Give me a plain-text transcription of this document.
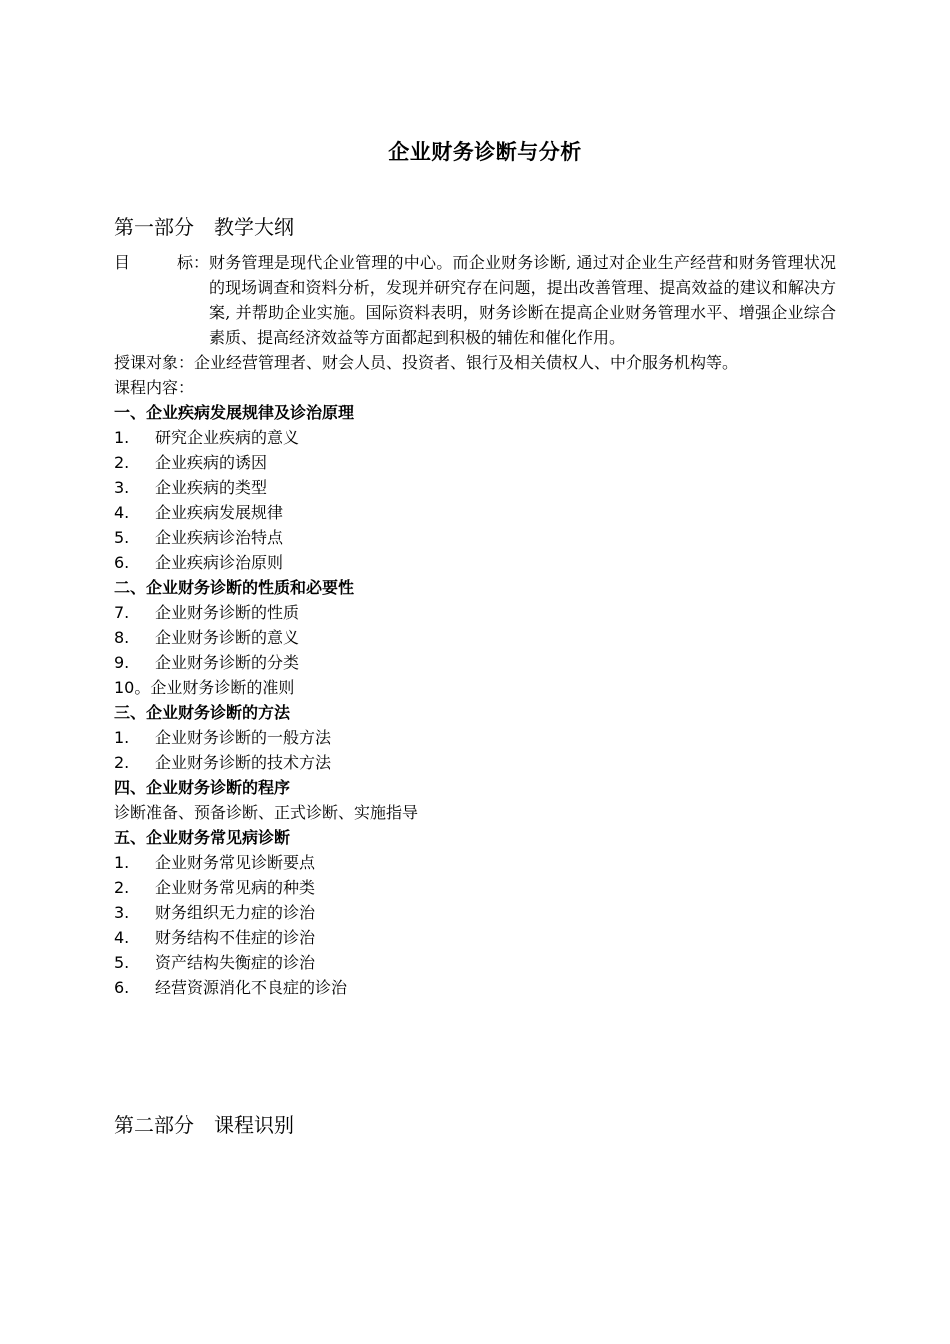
企业财务诊断与分析
第一部分　教学大纲
目	标： 财务管理是现代企业管理的中心。而企业财务诊断, 通过对企业生产经营和财务管理状况的现场调查和资料分析，发现并研究存在问题，提出改善管理、提高效益的建议和解决方案, 并帮助企业实施。国际资料表明，财务诊断在提高企业财务管理水平、增强企业综合素质、提高经济效益等方面都起到积极的辅佐和催化作用。
授课对象：企业经营管理者、财会人员、投资者、银行及相关债权人、中介服务机构等。
课程内容：
一、企业疾病发展规律及诊治原理
1. 研究企业疾病的意义
2. 企业疾病的诱因
3. 企业疾病的类型
4. 企业疾病发展规律
5. 企业疾病诊治特点
6. 企业疾病诊治原则
二、企业财务诊断的性质和必要性
7. 企业财务诊断的性质
8. 企业财务诊断的意义
9. 企业财务诊断的分类
10。企业财务诊断的准则
三、企业财务诊断的方法
1. 企业财务诊断的一般方法
2. 企业财务诊断的技术方法
四、企业财务诊断的程序
诊断准备、预备诊断、正式诊断、实施指导
五、企业财务常见病诊断
1. 企业财务常见诊断要点
2. 企业财务常见病的种类
3. 财务组织无力症的诊治
4. 财务结构不佳症的诊治
5. 资产结构失衡症的诊治
6. 经营资源消化不良症的诊治
第二部分　课程识别
